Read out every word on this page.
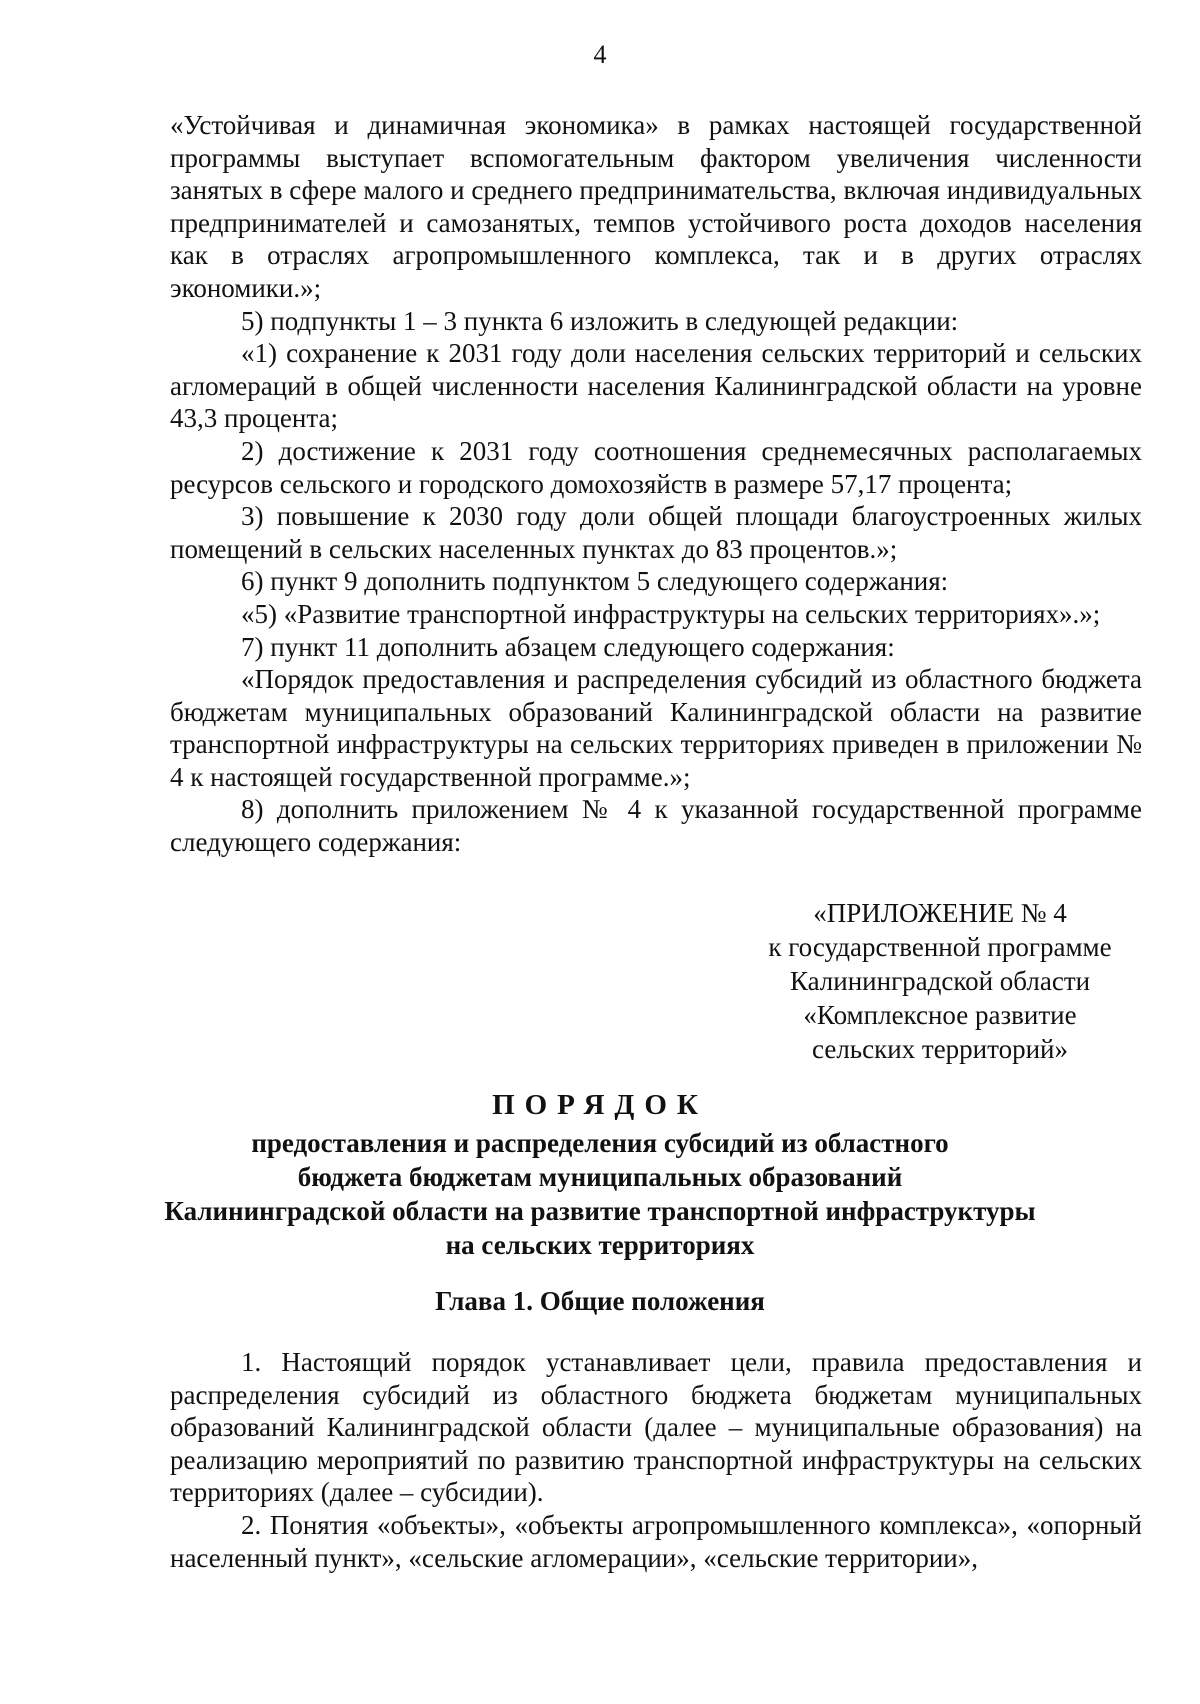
4

«Устойчивая и динамичная экономика» в рамках настоящей государственной программы выступает вспомогательным фактором увеличения численности занятых в сфере малого и среднего предпринимательства, включая индивидуальных предпринимателей и самозанятых, темпов устойчивого роста доходов населения как в отраслях агропромышленного комплекса, так и в других отраслях экономики.»;

5) подпункты 1 – 3 пункта 6 изложить в следующей редакции:

«1) сохранение к 2031 году доли населения сельских территорий и сельских агломераций в общей численности населения Калининградской области на уровне 43,3 процента;

2) достижение к 2031 году соотношения среднемесячных располагаемых ресурсов сельского и городского домохозяйств в размере 57,17 процента;

3) повышение к 2030 году доли общей площади благоустроенных жилых помещений в сельских населенных пунктах до 83 процентов.»;

6) пункт 9 дополнить подпунктом 5 следующего содержания:

«5) «Развитие транспортной инфраструктуры на сельских территориях».»;

7) пункт 11 дополнить абзацем следующего содержания:

«Порядок предоставления и распределения субсидий из областного бюджета бюджетам муниципальных образований Калининградской области на развитие транспортной инфраструктуры на сельских территориях приведен в приложении № 4 к настоящей государственной программе.»;

8) дополнить приложением № 4 к указанной государственной программе следующего содержания:

«ПРИЛОЖЕНИЕ № 4
к государственной программе
Калининградской области
«Комплексное развитие
сельских территорий»
ПОРЯДОК
предоставления и распределения субсидий из областного
бюджета бюджетам муниципальных образований
Калининградской области на развитие транспортной инфраструктуры
на сельских территориях
Глава 1. Общие положения

1. Настоящий порядок устанавливает цели, правила предоставления и распределения субсидий из областного бюджета бюджетам муниципальных образований Калининградской области (далее – муниципальные образования) на реализацию мероприятий по развитию транспортной инфраструктуры на сельских территориях (далее – субсидии).

2. Понятия «объекты», «объекты агропромышленного комплекса», «опорный населенный пункт», «сельские агломерации», «сельские территории»,
